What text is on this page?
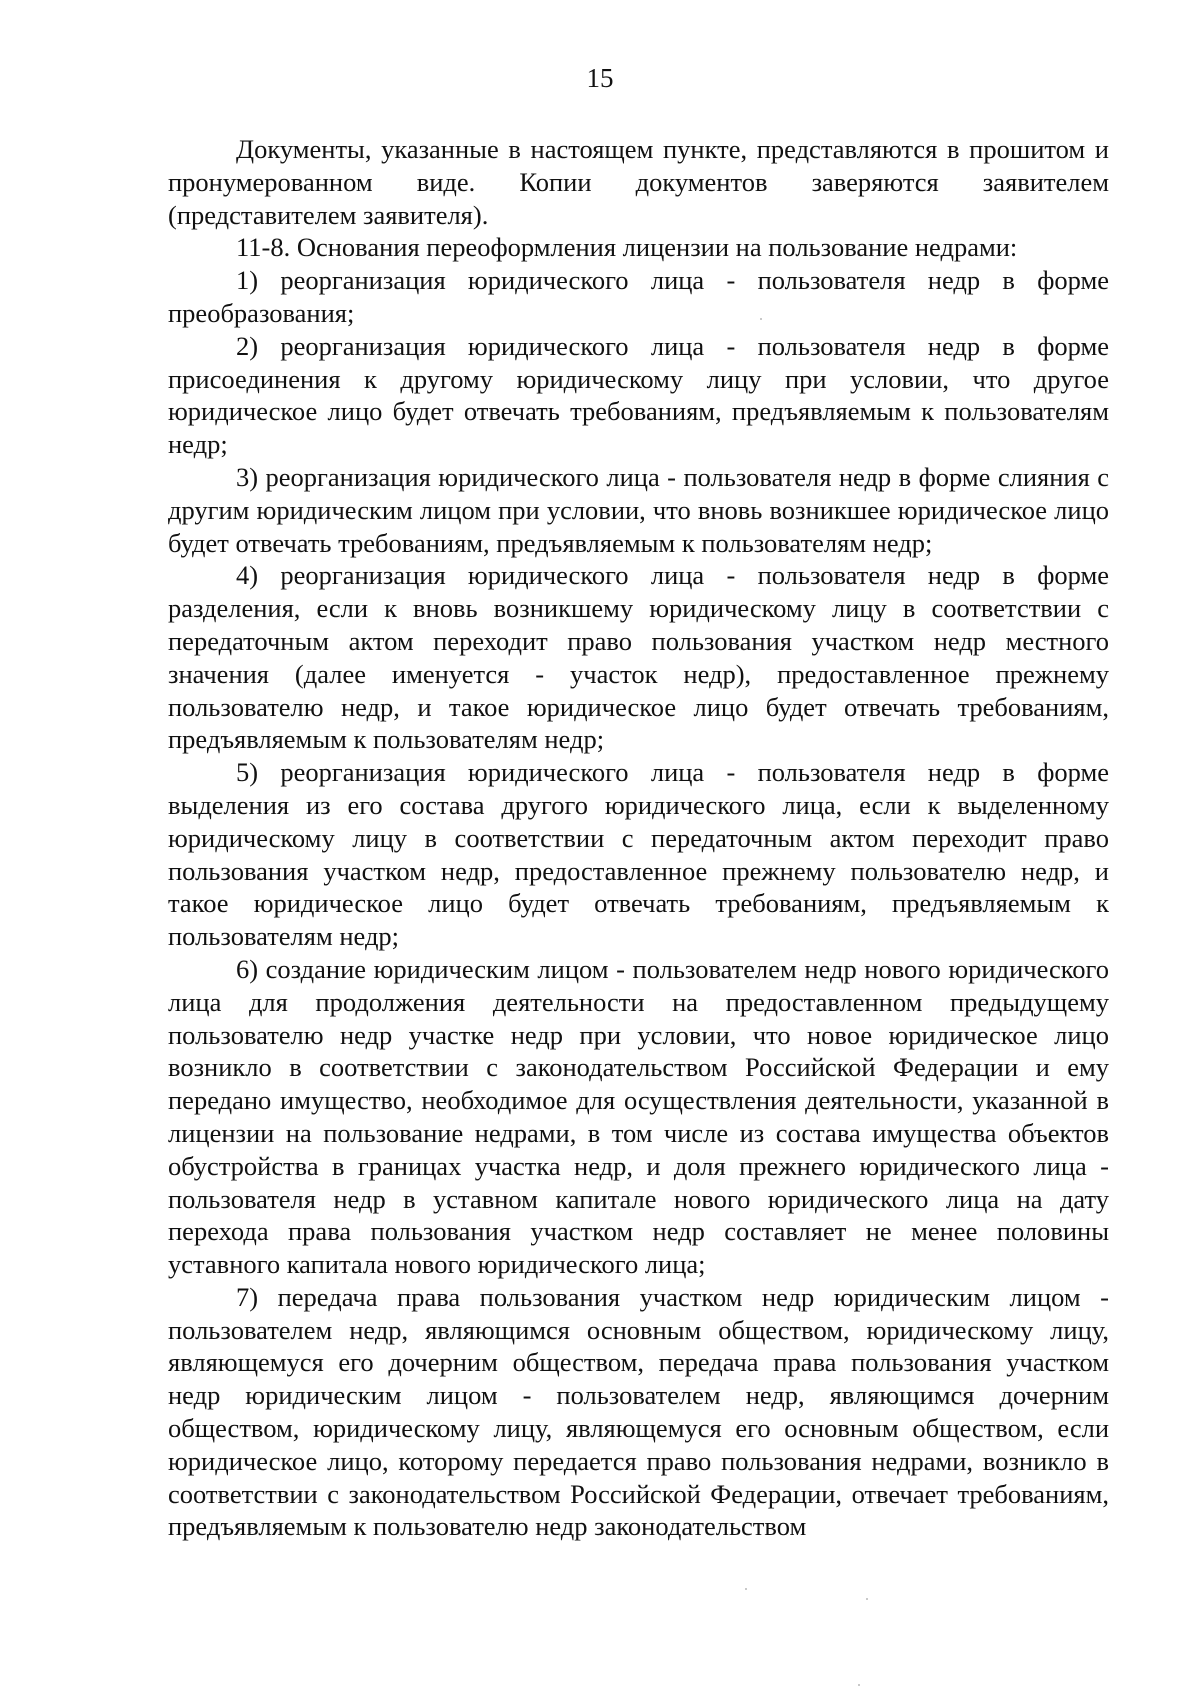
15

Документы, указанные в настоящем пункте, представляются в прошитом и пронумерованном виде. Копии документов заверяются заявителем (представителем заявителя).

11-8. Основания переоформления лицензии на пользование недрами:

1) реорганизация юридического лица - пользователя недр в форме преобразования;

2) реорганизация юридического лица - пользователя недр в форме присоединения к другому юридическому лицу при условии, что другое юридическое лицо будет отвечать требованиям, предъявляемым к пользователям недр;

3) реорганизация юридического лица - пользователя недр в форме слияния с другим юридическим лицом при условии, что вновь возникшее юридическое лицо будет отвечать требованиям, предъявляемым к пользователям недр;

4) реорганизация юридического лица - пользователя недр в форме разделения, если к вновь возникшему юридическому лицу в соответствии с передаточным актом переходит право пользования участком недр местного значения (далее именуется - участок недр), предоставленное прежнему пользователю недр, и такое юридическое лицо будет отвечать требованиям, предъявляемым к пользователям недр;

5) реорганизация юридического лица - пользователя недр в форме выделения из его состава другого юридического лица, если к выделенному юридическому лицу в соответствии с передаточным актом переходит право пользования участком недр, предоставленное прежнему пользователю недр, и такое юридическое лицо будет отвечать требованиям, предъявляемым к пользователям недр;

6) создание юридическим лицом - пользователем недр нового юридического лица для продолжения деятельности на предоставленном предыдущему пользователю недр участке недр при условии, что новое юридическое лицо возникло в соответствии с законодательством Российской Федерации и ему передано имущество, необходимое для осуществления деятельности, указанной в лицензии на пользование недрами, в том числе из состава имущества объектов обустройства в границах участка недр, и доля прежнего юридического лица - пользователя недр в уставном капитале нового юридического лица на дату перехода права пользования участком недр составляет не менее половины уставного капитала нового юридического лица;

7) передача права пользования участком недр юридическим лицом - пользователем недр, являющимся основным обществом, юридическому лицу, являющемуся его дочерним обществом, передача права пользования участком недр юридическим лицом - пользователем недр, являющимся дочерним обществом, юридическому лицу, являющемуся его основным обществом, если юридическое лицо, которому передается право пользования недрами, возникло в соответствии с законодательством Российской Федерации, отвечает требованиям, предъявляемым к пользователю недр законодательством
